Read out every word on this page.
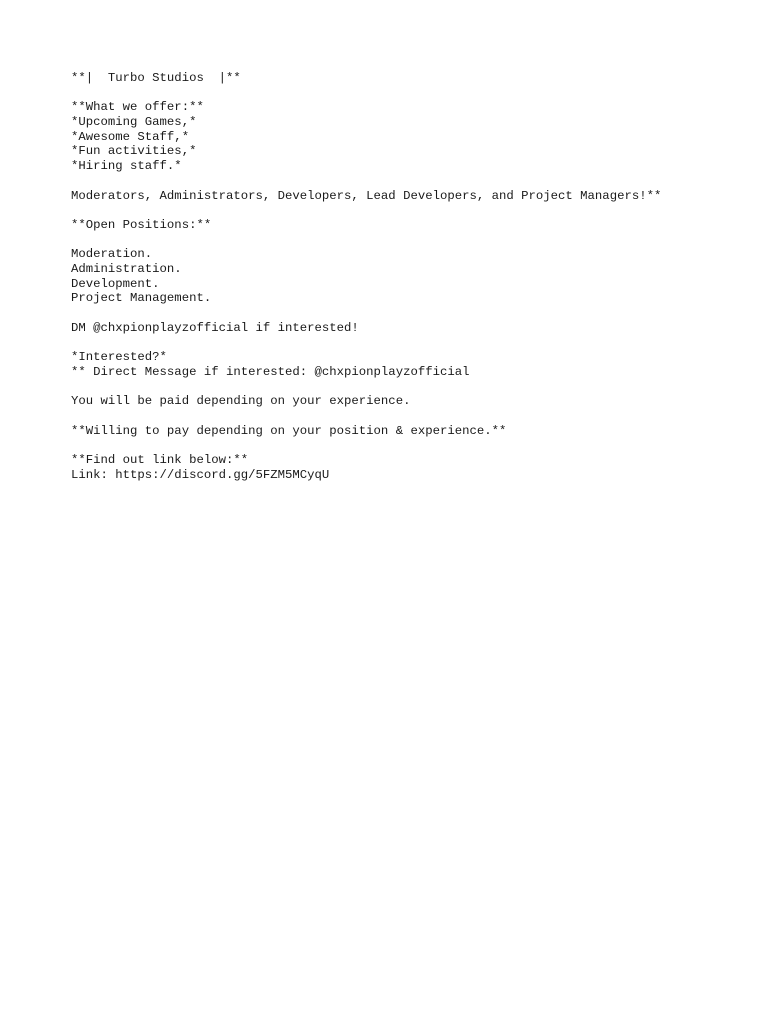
**|  Turbo Studios  |**
**What we offer:**
*Upcoming Games,*
*Awesome Staff,*
*Fun activities,*
*Hiring staff.*
Moderators, Administrators, Developers, Lead Developers, and Project Managers!**
**Open Positions:**
Moderation.
Administration.
Development.
Project Management.
DM @chxpionplayzofficial if interested!
*Interested?*
** Direct Message if interested: @chxpionplayzofficial
You will be paid depending on your experience.
**Willing to pay depending on your position & experience.**
**Find out link below:**
Link: https://discord.gg/5FZM5MCyqU
